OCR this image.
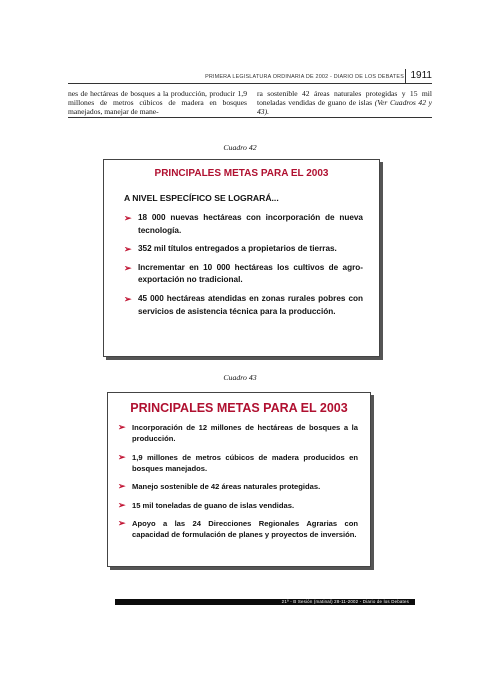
PRIMERA LEGISLATURA ORDINARIA DE 2002 - DIARIO DE LOS DEBATES 1911

nes de hectáreas de bosques a la producción, producir 1,9 millones de metros cúbicos de madera en bosques manejados, manejar de mane-

ra sostenible 42 áreas naturales protegidas y 15 mil toneladas vendidas de guano de islas (Ver Cuadros 42 y 43).

Cuadro 42
PRINCIPALES METAS PARA EL 2003
A NIVEL ESPECÍFICO SE LOGRARÁ...
➢ 18 000 nuevas hectáreas con incorporación de nueva tecnología.
➢ 352 mil títulos entregados a propietarios de tierras.
➢ Incrementar en 10 000 hectáreas los cultivos de agro-exportación no tradicional.
➢ 45 000 hectáreas atendidas en zonas rurales pobres con servicios de asistencia técnica para la producción.
Cuadro 43
PRINCIPALES METAS PARA EL 2003
➢ Incorporación de 12 millones de hectáreas de bosques a la producción.
➢ 1,9 millones de metros cúbicos de madera producidos en bosques manejados.
➢ Manejo sostenible de 42 áreas naturales protegidas.
➢ 15 mil toneladas de guano de islas vendidas.
➢ Apoyo a las 24 Direcciones Regionales Agrarias con capacidad de formulación de planes y proyectos de inversión.
21ª - B Sesión (matinal) 28-11-2002 - Diario de los Debates
